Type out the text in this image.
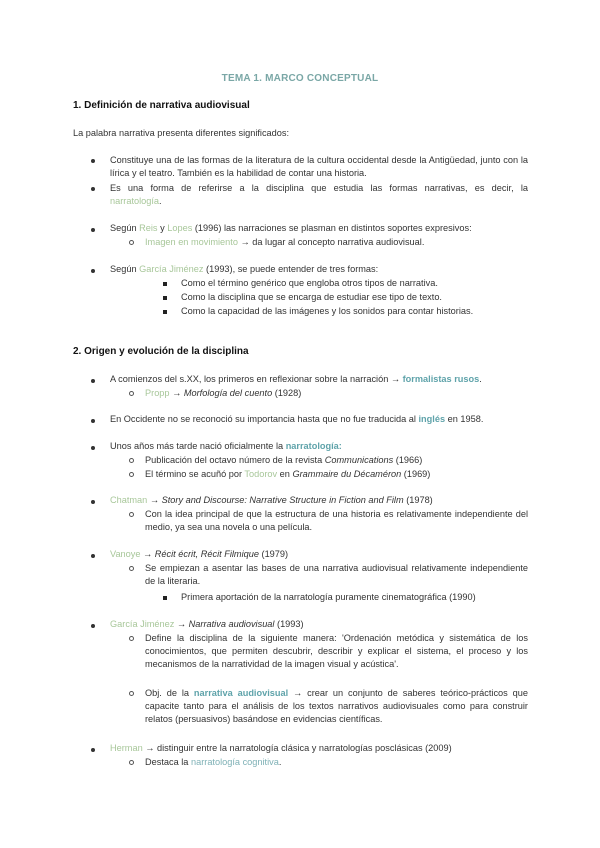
TEMA 1. MARCO CONCEPTUAL
1. Definición de narrativa audiovisual
La palabra narrativa presenta diferentes significados:
Constituye una de las formas de la literatura de la cultura occidental desde la Antigüedad, junto con la lírica y el teatro. También es la habilidad de contar una historia.
Es una forma de referirse a la disciplina que estudia las formas narrativas, es decir, la
narratología.
Según Reis y Lopes (1996) las narraciones se plasman en distintos soportes expresivos:
Imagen en movimiento → da lugar al concepto narrativa audiovisual.
Según García Jiménez (1993), se puede entender de tres formas:
Como el término genérico que engloba otros tipos de narrativa.
Como la disciplina que se encarga de estudiar ese tipo de texto.
Como la capacidad de las imágenes y los sonidos para contar historias.
2. Origen y evolución de la disciplina
A comienzos del s.XX, los primeros en reflexionar sobre la narración → formalistas rusos.
Propp → Morfología del cuento (1928)
En Occidente no se reconoció su importancia hasta que no fue traducida al inglés en 1958.
Unos años más tarde nació oficialmente la narratología:
Publicación del octavo número de la revista Communications (1966)
El término se acuñó por Todorov en Grammaire du Décaméron (1969)
Chatman → Story and Discourse: Narrative Structure in Fiction and Film (1978)
Con la idea principal de que la estructura de una historia es relativamente independiente del medio, ya sea una novela o una película.
Vanoye → Récit écrit, Récit Filmique (1979)
Se empiezan a asentar las bases de una narrativa audiovisual relativamente independiente de la literaria.
Primera aportación de la narratología puramente cinematográfica (1990)
García Jiménez → Narrativa audiovisual (1993)
Define la disciplina de la siguiente manera: 'Ordenación metódica y sistemática de los conocimientos, que permiten descubrir, describir y explicar el sistema, el proceso y los mecanismos de la narratividad de la imagen visual y acústica'.
Obj. de la narrativa audiovisual → crear un conjunto de saberes teórico-prácticos que capacite tanto para el análisis de los textos narrativos audiovisuales como para construir relatos (persuasivos) basándose en evidencias científicas.
Herman → distinguir entre la narratología clásica y narratologías posclásicas (2009)
Destaca la narratología cognitiva.
